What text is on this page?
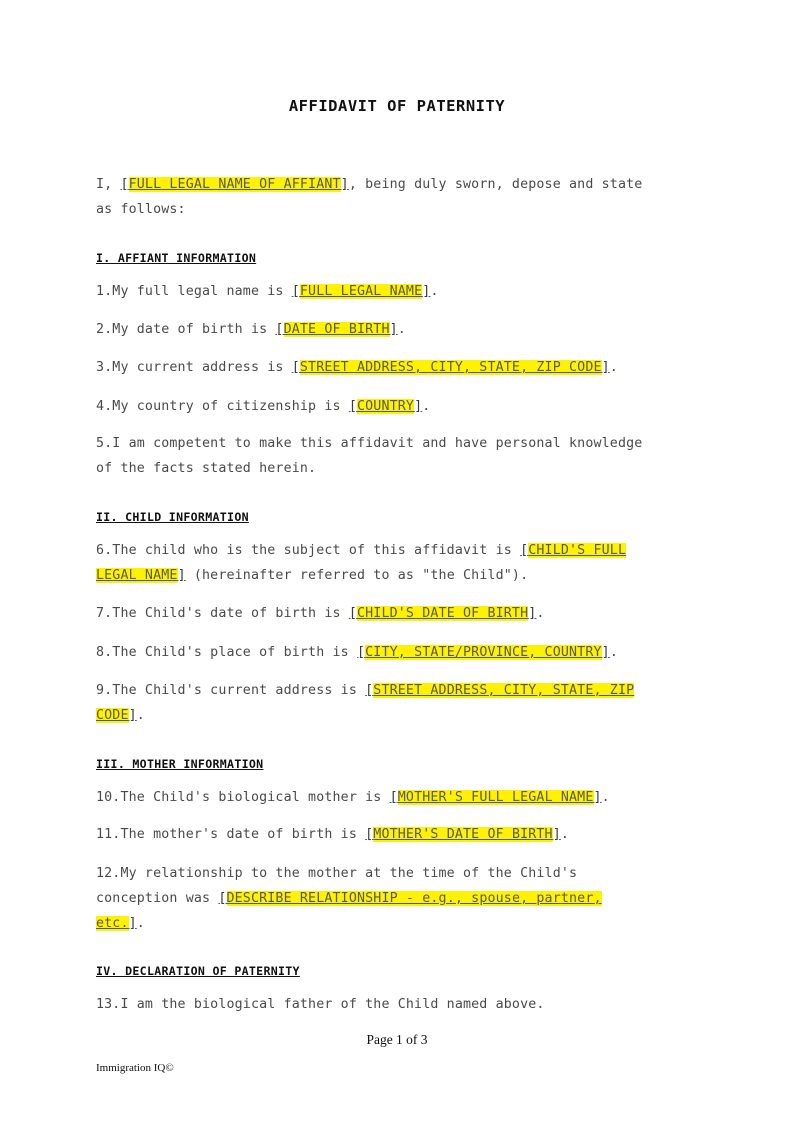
AFFIDAVIT OF PATERNITY
I, [FULL LEGAL NAME OF AFFIANT], being duly sworn, depose and state
as follows:
I. AFFIANT INFORMATION
1.My full legal name is [FULL LEGAL NAME].
2.My date of birth is [DATE OF BIRTH].
3.My current address is [STREET ADDRESS, CITY, STATE, ZIP CODE].
4.My country of citizenship is [COUNTRY].
5.I am competent to make this affidavit and have personal knowledge
of the facts stated herein.
II. CHILD INFORMATION
6.The child who is the subject of this affidavit is [CHILD'S FULL
LEGAL NAME] (hereinafter referred to as "the Child").
7.The Child's date of birth is [CHILD'S DATE OF BIRTH].
8.The Child's place of birth is [CITY, STATE/PROVINCE, COUNTRY].
9.The Child's current address is [STREET ADDRESS, CITY, STATE, ZIP
CODE].
III. MOTHER INFORMATION
10.The Child's biological mother is [MOTHER'S FULL LEGAL NAME].
11.The mother's date of birth is [MOTHER'S DATE OF BIRTH].
12.My relationship to the mother at the time of the Child's
conception was [DESCRIBE RELATIONSHIP - e.g., spouse, partner,
etc.].
IV. DECLARATION OF PATERNITY
13.I am the biological father of the Child named above.
Page 1 of 3
Immigration IQ©
